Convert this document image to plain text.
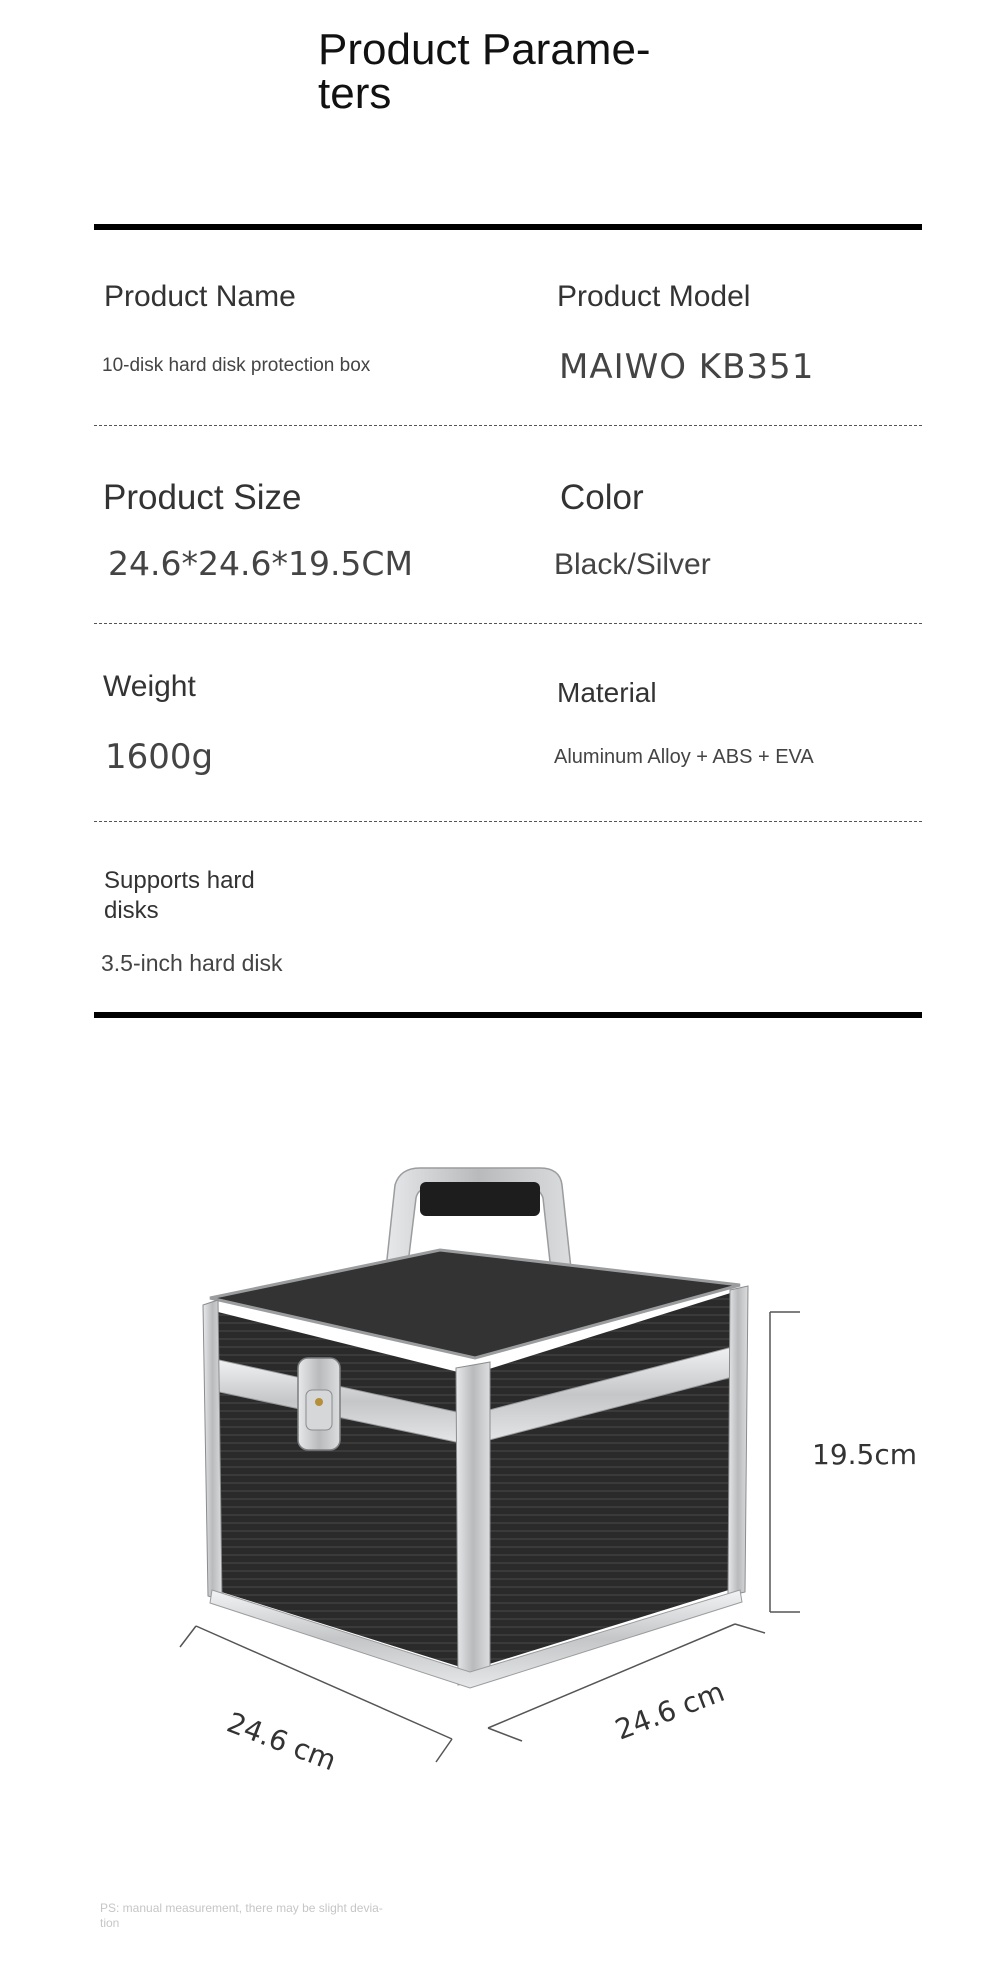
Product Parame-
ters
Product Name
10-disk hard disk protection box
Product Model
MAIWO KB351
Product Size
24.6*24.6*19.5CM
Color
Black/Silver
Weight
1600g
Material
Aluminum Alloy + ABS + EVA
Supports hard
disks
3.5-inch hard disk
19.5cm
24.6 cm	24.6 cm
PS: manual measurement, there may be slight devia-
tion
